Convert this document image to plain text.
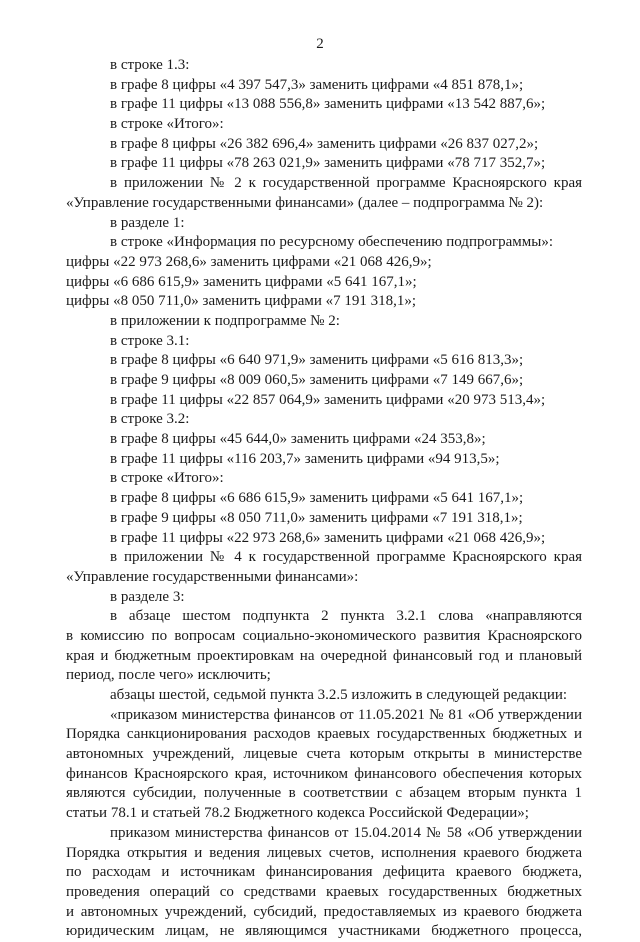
2
в строке 1.3:
в графе 8 цифры «4 397 547,3» заменить цифрами «4 851 878,1»;
в графе 11 цифры «13 088 556,8» заменить цифрами «13 542 887,6»;
в строке «Итого»:
в графе 8 цифры «26 382 696,4» заменить цифрами «26 837 027,2»;
в графе 11 цифры «78 263 021,9» заменить цифрами «78 717 352,7»;
в приложении № 2 к государственной программе Красноярского края
«Управление государственными финансами» (далее – подпрограмма № 2):
в разделе 1:
в строке «Информация по ресурсному обеспечению подпрограммы»:
цифры «22 973 268,6» заменить цифрами «21 068 426,9»;
цифры «6 686 615,9» заменить цифрами «5 641 167,1»;
цифры «8 050 711,0» заменить цифрами «7 191 318,1»;
в приложении к подпрограмме № 2:
в строке 3.1:
в графе 8 цифры «6 640 971,9» заменить цифрами «5 616 813,3»;
в графе 9 цифры «8 009 060,5» заменить цифрами «7 149 667,6»;
в графе 11 цифры «22 857 064,9» заменить цифрами «20 973 513,4»;
в строке 3.2:
в графе 8 цифры «45 644,0» заменить цифрами «24 353,8»;
в графе 11 цифры «116 203,7» заменить цифрами «94 913,5»;
в строке «Итого»:
в графе 8 цифры «6 686 615,9» заменить цифрами «5 641 167,1»;
в графе 9 цифры «8 050 711,0» заменить цифрами «7 191 318,1»;
в графе 11 цифры «22 973 268,6» заменить цифрами «21 068 426,9»;
в приложении № 4 к государственной программе Красноярского края
«Управление государственными финансами»:
в разделе 3:
в абзаце шестом подпункта 2 пункта 3.2.1 слова «направляются
в комиссию по вопросам социально-экономического развития Красноярского
края и бюджетным проектировкам на очередной финансовый год и плановый
период, после чего» исключить;
абзацы шестой, седьмой пункта 3.2.5 изложить в следующей редакции:
«приказом министерства финансов от 11.05.2021 № 81 «Об утверждении
Порядка санкционирования расходов краевых государственных бюджетных и
автономных учреждений, лицевые счета которым открыты в министерстве
финансов Красноярского края, источником финансового обеспечения которых
являются субсидии, полученные в соответствии с абзацем вторым пункта 1
статьи 78.1 и статьей 78.2 Бюджетного кодекса Российской Федерации»;
приказом министерства финансов от 15.04.2014 № 58 «Об утверждении
Порядка открытия и ведения лицевых счетов, исполнения краевого бюджета
по расходам и источникам финансирования дефицита краевого бюджета,
проведения операций со средствами краевых государственных бюджетных
и автономных учреждений, субсидий, предоставляемых из краевого бюджета
юридическим лицам, не являющимся участниками бюджетного процесса,
